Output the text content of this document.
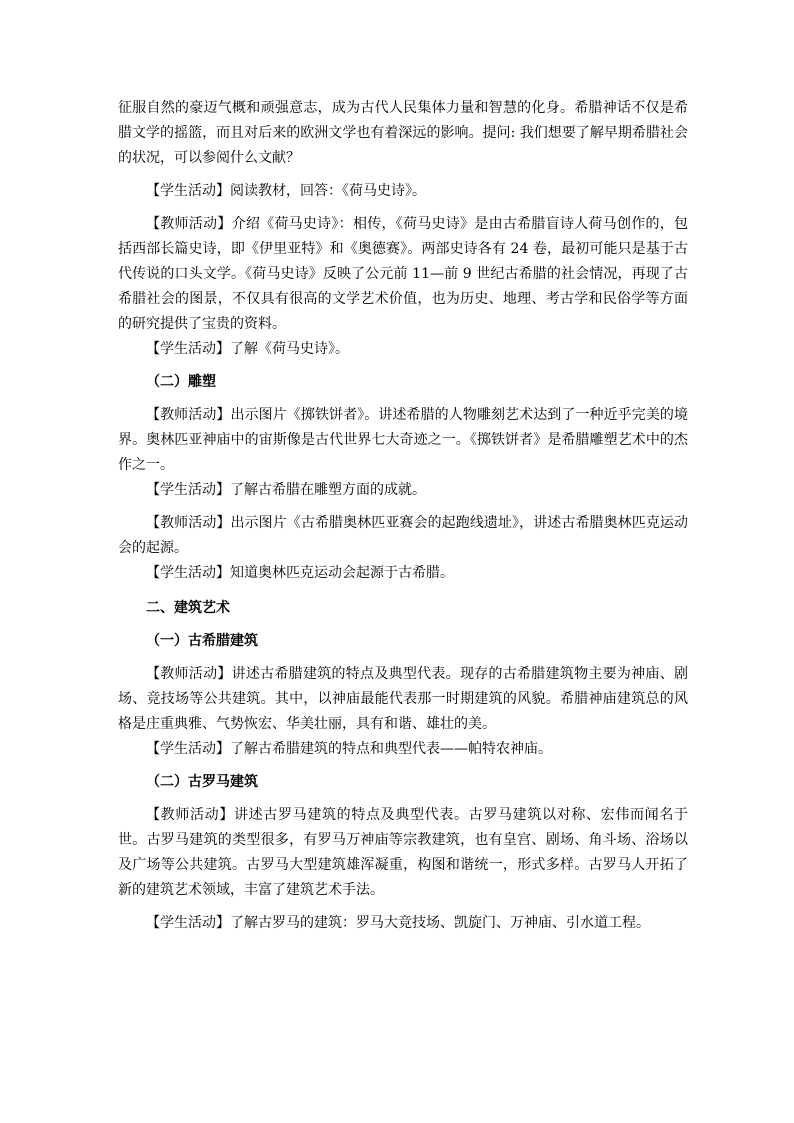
征服自然的豪迈气概和顽强意志，成为古代人民集体力量和智慧的化身。希腊神话不仅是希腊文学的摇篮，而且对后来的欧洲文学也有着深远的影响。提问: 我们想要了解早期希腊社会的状况，可以参阅什么文献？

【学生活动】阅读教材，回答：《荷马史诗》。

【教师活动】介绍《荷马史诗》：相传，《荷马史诗》是由古希腊盲诗人荷马创作的，包括西部长篇史诗，即《伊里亚特》和《奥德赛》。两部史诗各有 24 卷，最初可能只是基于古代传说的口头文学。《荷马史诗》反映了公元前 11—前 9 世纪古希腊的社会情况，再现了古希腊社会的图景，不仅具有很高的文学艺术价值，也为历史、地理、考古学和民俗学等方面的研究提供了宝贵的资料。

【学生活动】了解《荷马史诗》。

（二）雕塑

【教师活动】出示图片《掷铁饼者》。讲述希腊的人物雕刻艺术达到了一种近乎完美的境界。奥林匹亚神庙中的宙斯像是古代世界七大奇迹之一。《掷铁饼者》是希腊雕塑艺术中的杰作之一。

【学生活动】了解古希腊在雕塑方面的成就。

【教师活动】出示图片《古希腊奥林匹亚赛会的起跑线遗址》，讲述古希腊奥林匹克运动会的起源。

【学生活动】知道奥林匹克运动会起源于古希腊。

二、建筑艺术

（一）古希腊建筑

【教师活动】讲述古希腊建筑的特点及典型代表。现存的古希腊建筑物主要为神庙、剧场、竞技场等公共建筑。其中，以神庙最能代表那一时期建筑的风貌。希腊神庙建筑总的风格是庄重典雅、气势恢宏、华美壮丽，具有和谐、雄壮的美。

【学生活动】了解古希腊建筑的特点和典型代表——帕特农神庙。

（二）古罗马建筑

【教师活动】讲述古罗马建筑的特点及典型代表。古罗马建筑以对称、宏伟而闻名于世。古罗马建筑的类型很多，有罗马万神庙等宗教建筑，也有皇宫、剧场、角斗场、浴场以及广场等公共建筑。古罗马大型建筑雄浑凝重，构图和谐统一，形式多样。古罗马人开拓了新的建筑艺术领域，丰富了建筑艺术手法。

【学生活动】了解古罗马的建筑：罗马大竞技场、凯旋门、万神庙、引水道工程。
